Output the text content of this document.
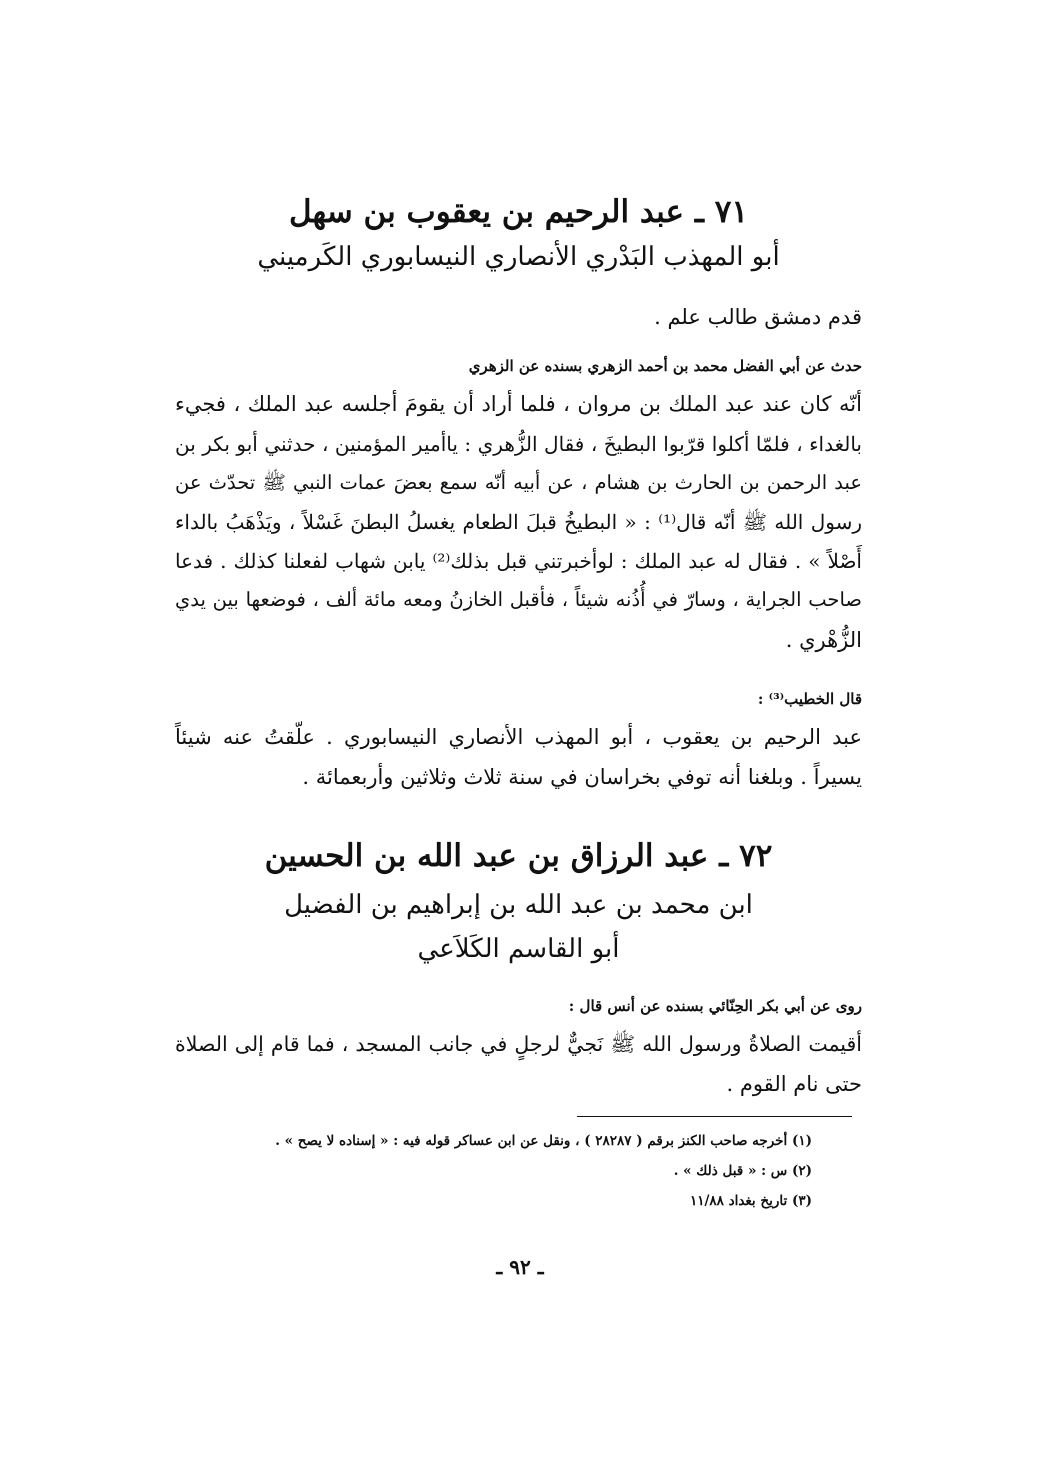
٧١ ـ عبد الرحيم بن يعقوب بن سهل
أبو المهذب البَدْري الأنصاري النيسابوري الكَرميني
قدم دمشق طالب علم .
حدث عن أبي الفضل محمد بن أحمد الزهري بسنده عن الزهري
أنّه كان عند عبد الملك بن مروان ، فلما أراد أن يقومَ أجلسه عبد الملك ، فجيء
بالغداء ، فلمّا أكلوا قرّبوا البطيخَ ، فقال الزُّهري : ياأمير المؤمنين ، حدثني أبو بكر بن
عبد الرحمن بن الحارث بن هشام ، عن أبيه أنّه سمع بعضَ عمات النبي ﷺ تحدّث عن
رسول الله ﷺ أنّه قال⁽¹⁾ : « البطيخُ قبلَ الطعام يغسلُ البطنَ غَسْلاً ، ويَذْهَبُ بالداء
أَصْلاً » . فقال له عبد الملك : لوأخبرتني قبل بذلك⁽²⁾ يابن شهاب لفعلنا كذلك . فدعا
صاحب الجراية ، وسارّ في أُذُنه شيئاً ، فأقبل الخازنُ ومعه مائة ألف ، فوضعها بين يدي
الزُّهْري .
قال الخطيب⁽³⁾ :
عبد الرحيم بن يعقوب ، أبو المهذب الأنصاري النيسابوري . علّقتُ عنه شيئاً
يسيراً . وبلغنا أنه توفي بخراسان في سنة ثلاث وثلاثين وأربعمائة .
٧٢ ـ عبد الرزاق بن عبد الله بن الحسين
ابن محمد بن عبد الله بن إبراهيم بن الفضيل
أبو القاسم الكَلاَعي
روى عن أبي بكر الحِنّائي بسنده عن أنس قال :
أقيمت الصلاةُ ورسول الله ﷺ نَجيٌّ لرجلٍ في جانب المسجد ، فما قام إلى الصلاة
حتى نام القوم .
(١) أخرجه صاحب الكنز برقم ( ٢٨٢٨٧ ) ، ونقل عن ابن عساكر قوله فيه : « إسناده لا يصح » .
(٢) س : « قبل ذلك » .
(٣) تاريخ بغداد ١١/٨٨
ـ ٩٢ ـ
